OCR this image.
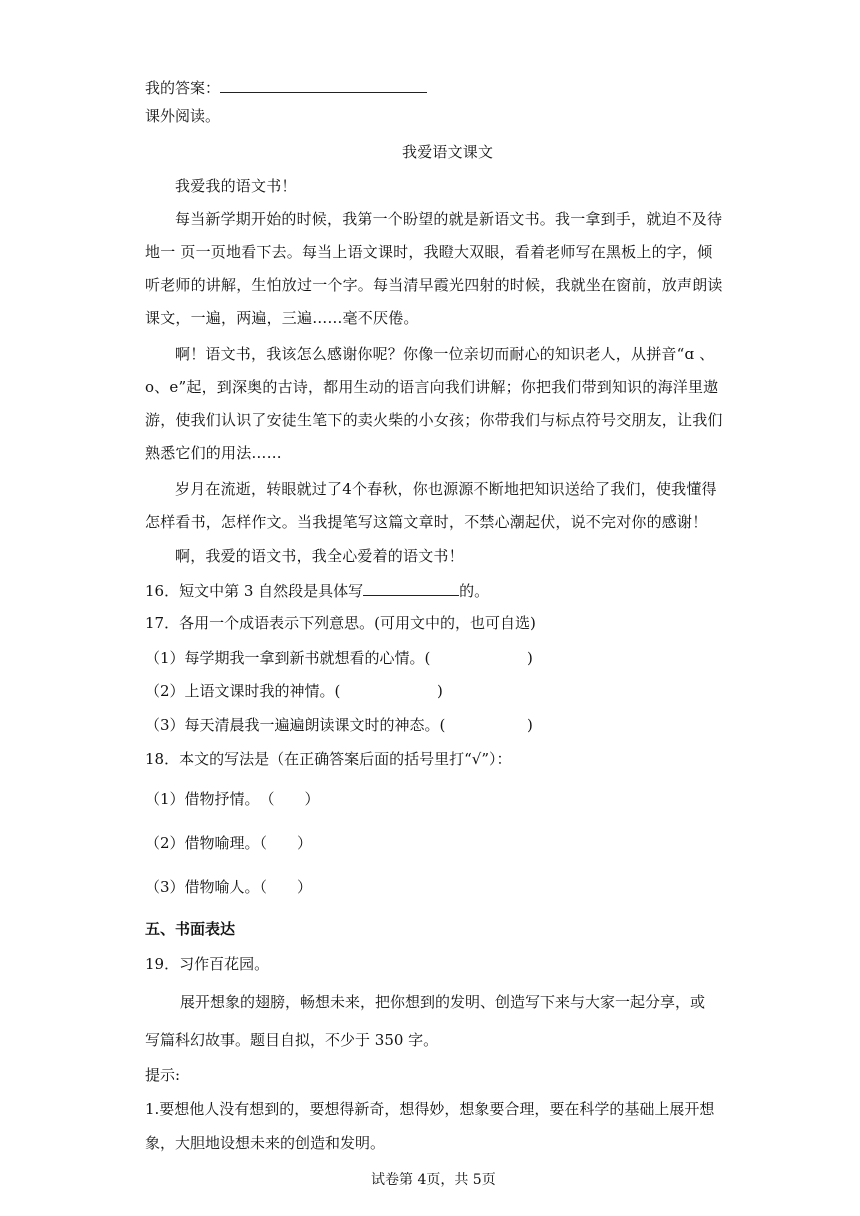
我的答案：
课外阅读。
我爱语文课文
我爱我的语文书！
每当新学期开始的时候，我第一个盼望的就是新语文书。我一拿到手，就迫不及待
地一 页一页地看下去。每当上语文课时，我瞪大双眼，看着老师写在黑板上的字，倾
听老师的讲解，生怕放过一个字。每当清早霞光四射的时候，我就坐在窗前，放声朗读
课文，一遍，两遍，三遍……毫不厌倦。
啊！语文书，我该怎么感谢你呢？你像一位亲切而耐心的知识老人，从拼音“ɑ 、
o、e”起，到深奥的古诗，都用生动的语言向我们讲解；你把我们带到知识的海洋里遨
游，使我们认识了安徒生笔下的卖火柴的小女孩；你带我们与标点符号交朋友，让我们
熟悉它们的用法……
岁月在流逝，转眼就过了4个春秋，你也源源不断地把知识送给了我们，使我懂得
怎样看书，怎样作文。当我提笔写这篇文章时，不禁心潮起伏，说不完对你的感谢！
啊，我爱的语文书，我全心爱着的语文书！
16．短文中第 3 自然段是具体写	的。
17．各用一个成语表示下列意思。(可用文中的，也可自选)
（1）每学期我一拿到新书就想看的心情。(	)
（2）上语文课时我的神情。(	)
（3）每天清晨我一遍遍朗读课文时的神态。(	)
18．本文的写法是（在正确答案后面的括号里打“√”）：
（1）借物抒情。　（　　）
（2）借物喻理。（　　）
（3）借物喻人。（　　）
五、书面表达
19．习作百花园。
展开想象的翅膀，畅想未来，把你想到的发明、创造写下来与大家一起分享，或
写篇科幻故事。题目自拟，不少于 350 字。
提示:
1.要想他人没有想到的，要想得新奇，想得妙，想象要合理，要在科学的基础上展开想
象，大胆地设想未来的创造和发明。
试卷第 4页，共 5页
